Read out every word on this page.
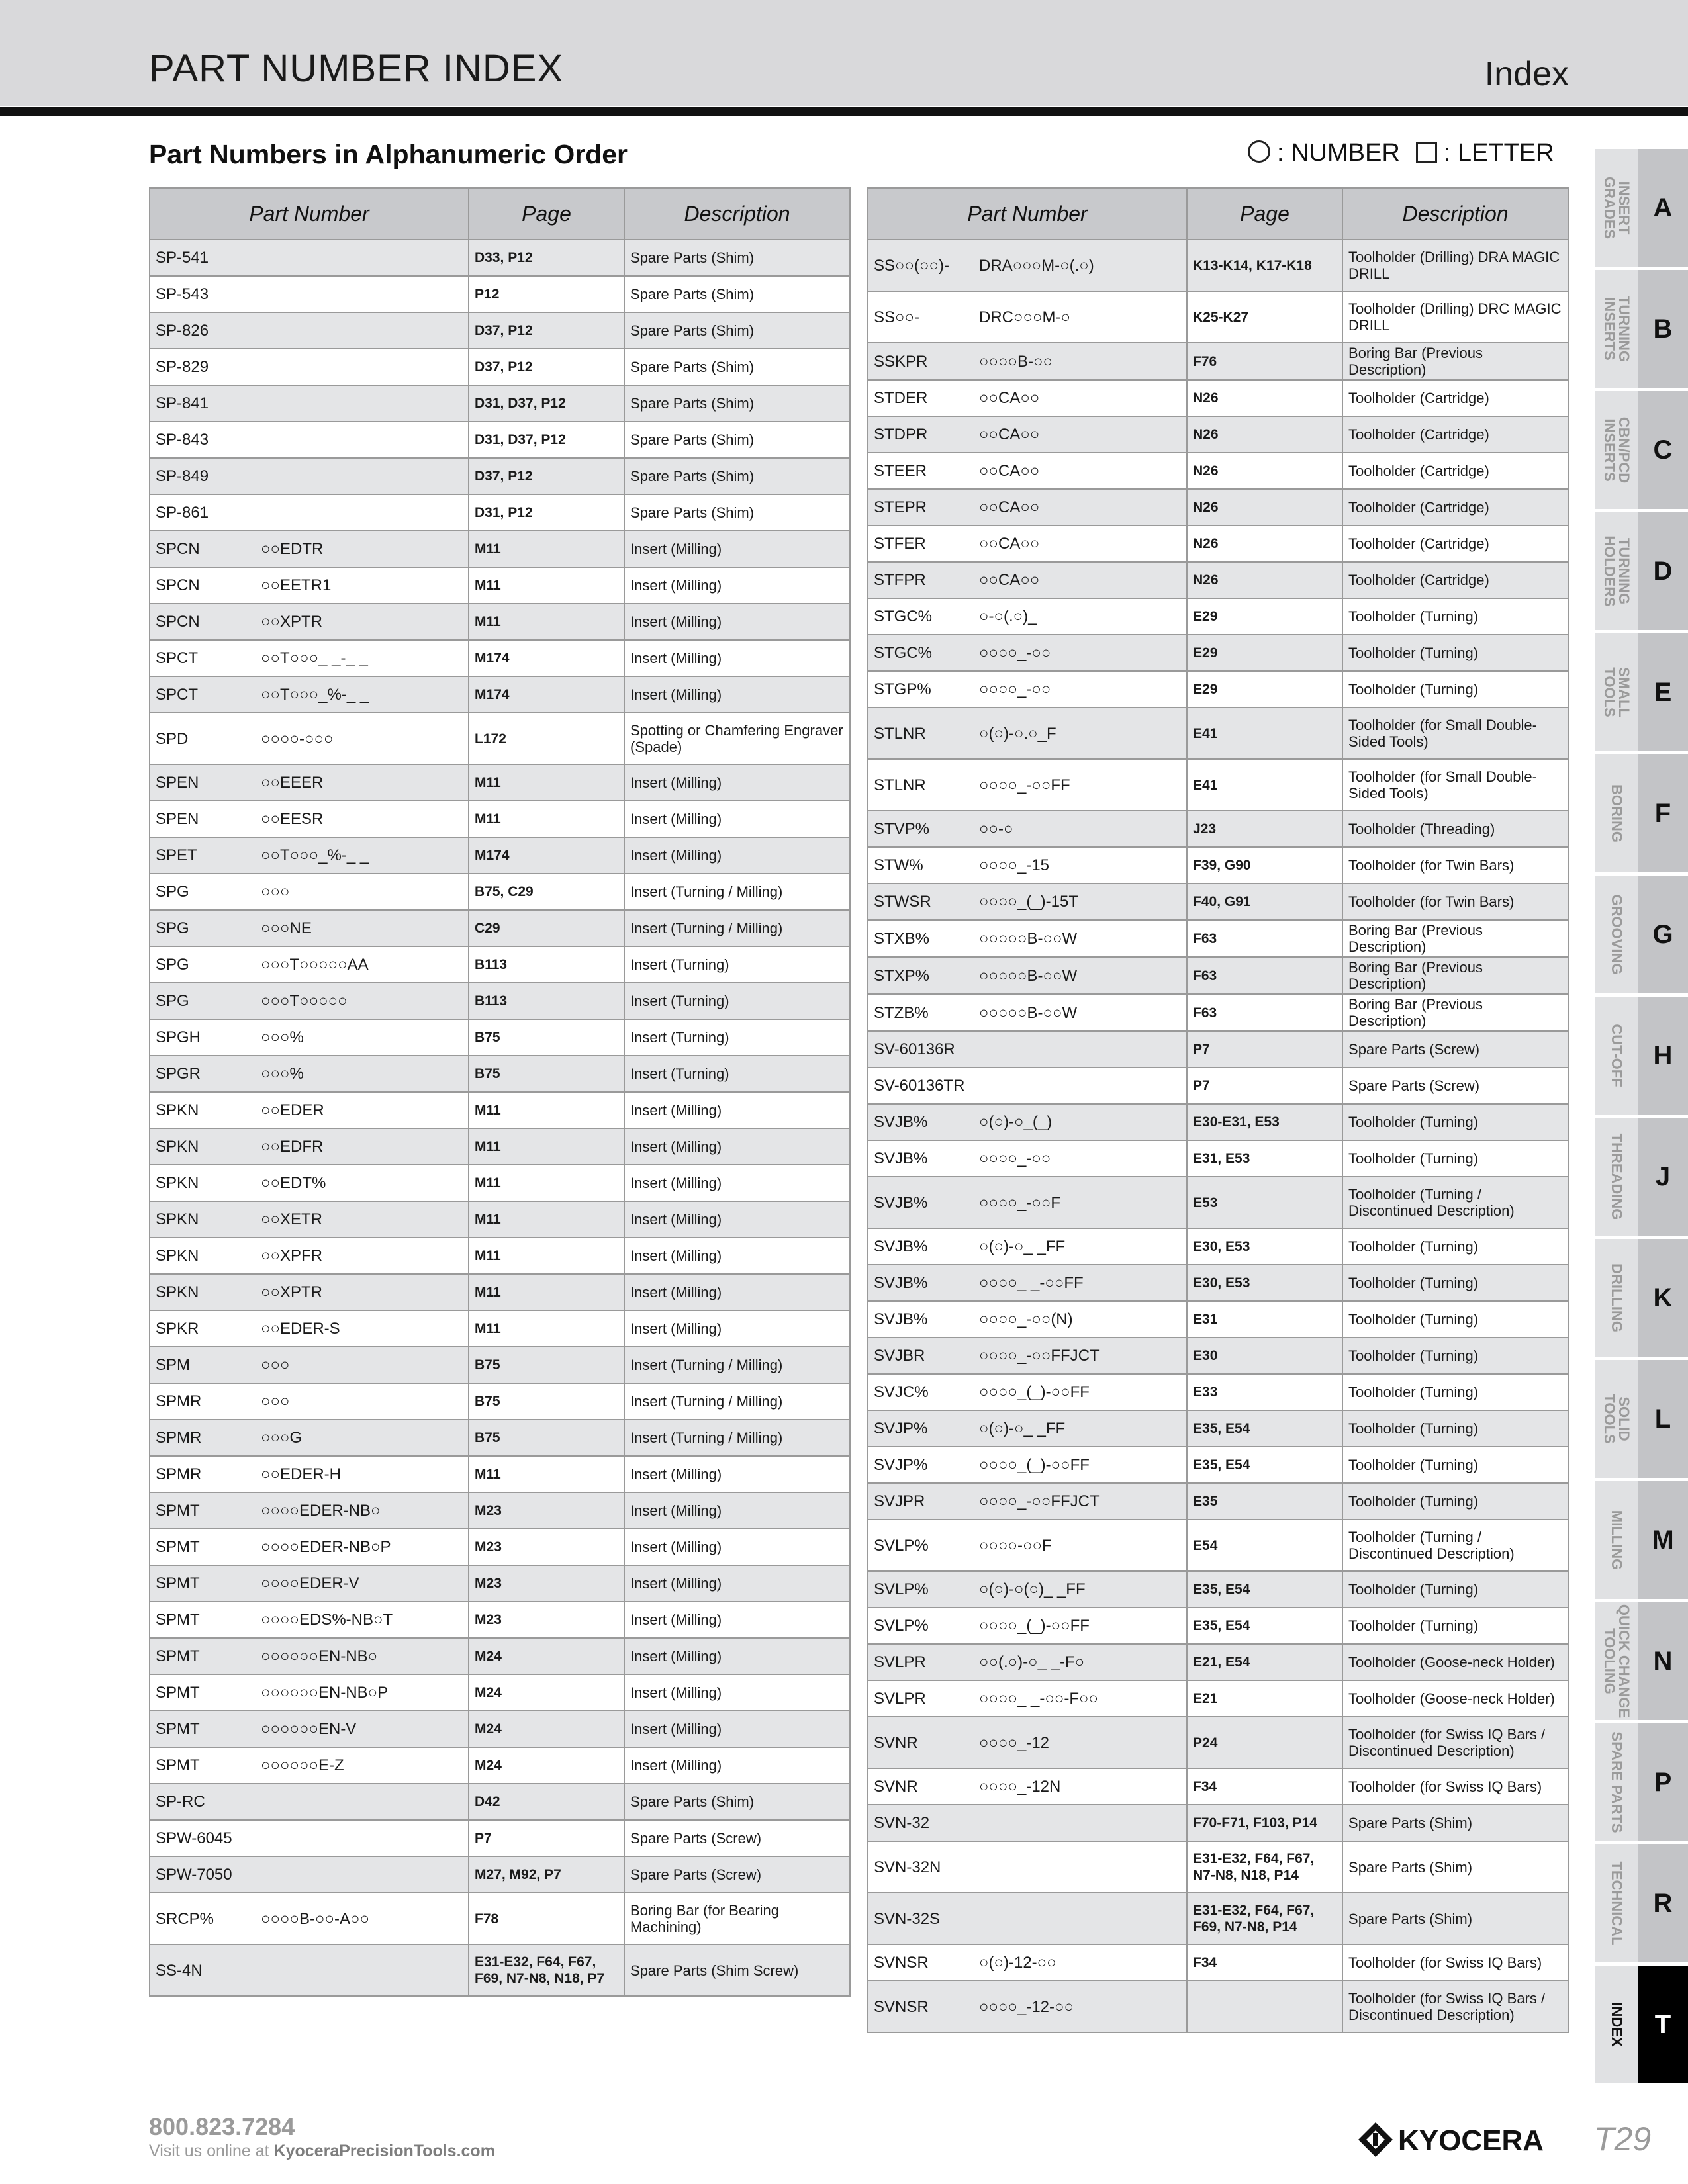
PART NUMBER INDEX	Index
Part Numbers in Alphanumeric Order	: NUMBER : LETTER
Part Number		Page	Description
SP-541		D33, P12	Spare Parts (Shim)
SP-543		P12	Spare Parts (Shim)
SP-826		D37, P12	Spare Parts (Shim)
SP-829		D37, P12	Spare Parts (Shim)
SP-841		D31, D37, P12	Spare Parts (Shim)
SP-843		D31, D37, P12	Spare Parts (Shim)
SP-849		D37, P12	Spare Parts (Shim)
SP-861		D31, P12	Spare Parts (Shim)
SPCN	○○EDTR	M11	Insert (Milling)
SPCN	○○EETR1	M11	Insert (Milling)
SPCN	○○XPTR	M11	Insert (Milling)
SPCT	○○T○○○_ _-_ _	M174	Insert (Milling)
SPCT	○○T○○○_%-_ _	M174	Insert (Milling)
SPD	○○○○-○○○	L172	Spotting or Chamfering Engraver (Spade)
SPEN	○○EEER	M11	Insert (Milling)
SPEN	○○EESR	M11	Insert (Milling)
SPET	○○T○○○_%-_ _	M174	Insert (Milling)
SPG	○○○	B75, C29	Insert (Turning / Milling)
SPG	○○○NE	C29	Insert (Turning / Milling)
SPG	○○○T○○○○○AA	B113	Insert (Turning)
SPG	○○○T○○○○○	B113	Insert (Turning)
SPGH	○○○%	B75	Insert (Turning)
SPGR	○○○%	B75	Insert (Turning)
SPKN	○○EDER	M11	Insert (Milling)
SPKN	○○EDFR	M11	Insert (Milling)
SPKN	○○EDT%	M11	Insert (Milling)
SPKN	○○XETR	M11	Insert (Milling)
SPKN	○○XPFR	M11	Insert (Milling)
SPKN	○○XPTR	M11	Insert (Milling)
SPKR	○○EDER-S	M11	Insert (Milling)
SPM	○○○	B75	Insert (Turning / Milling)
SPMR	○○○	B75	Insert (Turning / Milling)
SPMR	○○○G	B75	Insert (Turning / Milling)
SPMR	○○EDER-H	M11	Insert (Milling)
SPMT	○○○○EDER-NB○	M23	Insert (Milling)
SPMT	○○○○EDER-NB○P	M23	Insert (Milling)
SPMT	○○○○EDER-V	M23	Insert (Milling)
SPMT	○○○○EDS%-NB○T	M23	Insert (Milling)
SPMT	○○○○○○EN-NB○	M24	Insert (Milling)
SPMT	○○○○○○EN-NB○P	M24	Insert (Milling)
SPMT	○○○○○○EN-V	M24	Insert (Milling)
SPMT	○○○○○○E-Z	M24	Insert (Milling)
SP-RC		D42	Spare Parts (Shim)
SPW-6045		P7	Spare Parts (Screw)
SPW-7050		M27, M92, P7	Spare Parts (Screw)
SRCP%	○○○○B-○○-A○○	F78	Boring Bar (for Bearing Machining)
SS-4N		E31-E32, F64, F67, F69, N7-N8, N18, P7	Spare Parts (Shim Screw)
Part Number		Page	Description
SS○○(○○)-	DRA○○○M-○(.○)	K13-K14, K17-K18	Toolholder (Drilling) DRA MAGIC DRILL
SS○○-	DRC○○○M-○	K25-K27	Toolholder (Drilling) DRC MAGIC DRILL
SSKPR	○○○○B-○○	F76	Boring Bar (Previous Description)
STDER	○○CA○○	N26	Toolholder (Cartridge)
STDPR	○○CA○○	N26	Toolholder (Cartridge)
STEER	○○CA○○	N26	Toolholder (Cartridge)
STEPR	○○CA○○	N26	Toolholder (Cartridge)
STFER	○○CA○○	N26	Toolholder (Cartridge)
STFPR	○○CA○○	N26	Toolholder (Cartridge)
STGC%	○-○(.○)_	E29	Toolholder (Turning)
STGC%	○○○○_-○○	E29	Toolholder (Turning)
STGP%	○○○○_-○○	E29	Toolholder (Turning)
STLNR	○(○)-○.○_F	E41	Toolholder (for Small Double-Sided Tools)
STLNR	○○○○_-○○FF	E41	Toolholder (for Small Double-Sided Tools)
STVP%	○○-○	J23	Toolholder (Threading)
STW%	○○○○_-15	F39, G90	Toolholder (for Twin Bars)
STWSR	○○○○_(_)-15T	F40, G91	Toolholder (for Twin Bars)
STXB%	○○○○○B-○○W	F63	Boring Bar (Previous Description)
STXP%	○○○○○B-○○W	F63	Boring Bar (Previous Description)
STZB%	○○○○○B-○○W	F63	Boring Bar (Previous Description)
SV-60136R		P7	Spare Parts (Screw)
SV-60136TR		P7	Spare Parts (Screw)
SVJB%	○(○)-○_(_)	E30-E31, E53	Toolholder (Turning)
SVJB%	○○○○_-○○	E31, E53	Toolholder (Turning)
SVJB%	○○○○_-○○F	E53	Toolholder (Turning / Discontinued Description)
SVJB%	○(○)-○_ _FF	E30, E53	Toolholder (Turning)
SVJB%	○○○○_ _-○○FF	E30, E53	Toolholder (Turning)
SVJB%	○○○○_-○○(N)	E31	Toolholder (Turning)
SVJBR	○○○○_-○○FFJCT	E30	Toolholder (Turning)
SVJC%	○○○○_(_)-○○FF	E33	Toolholder (Turning)
SVJP%	○(○)-○_ _FF	E35, E54	Toolholder (Turning)
SVJP%	○○○○_(_)-○○FF	E35, E54	Toolholder (Turning)
SVJPR	○○○○_-○○FFJCT	E35	Toolholder (Turning)
SVLP%	○○○○-○○F	E54	Toolholder (Turning / Discontinued Description)
SVLP%	○(○)-○(○)_ _FF	E35, E54	Toolholder (Turning)
SVLP%	○○○○_(_)-○○FF	E35, E54	Toolholder (Turning)
SVLPR	○○(.○)-○_ _-F○	E21, E54	Toolholder (Goose-neck Holder)
SVLPR	○○○○_ _-○○-F○○	E21	Toolholder (Goose-neck Holder)
SVNR	○○○○_-12	P24	Toolholder (for Swiss IQ Bars / Discontinued Description)
SVNR	○○○○_-12N	F34	Toolholder (for Swiss IQ Bars)
SVN-32		F70-F71, F103, P14	Spare Parts (Shim)
SVN-32N		E31-E32, F64, F67, N7-N8, N18, P14	Spare Parts (Shim)
SVN-32S		E31-E32, F64, F67, F69, N7-N8, P14	Spare Parts (Shim)
SVNSR	○(○)-12-○○	F34	Toolholder (for Swiss IQ Bars)
SVNSR	○○○○_-12-○○		Toolholder (for Swiss IQ Bars / Discontinued Description)
INSERT
GRADES	A
TURNING
INSERTS	B
CBN/PCD
INSERTS	C
TURNING
HOLDERS	D
SMALL
TOOLS	E
BORING	F
GROOVING	G
CUT-OFF	H
THREADING	J
DRILLING	K
SOLID
TOOLS	L
MILLING	M
QUICK CHANGE
TOOLING	N
SPARE PARTS	P
TECHNICAL	R
INDEX	T
800.823.7284
Visit us online at KyoceraPrecisionTools.com	KYOCERA T29
